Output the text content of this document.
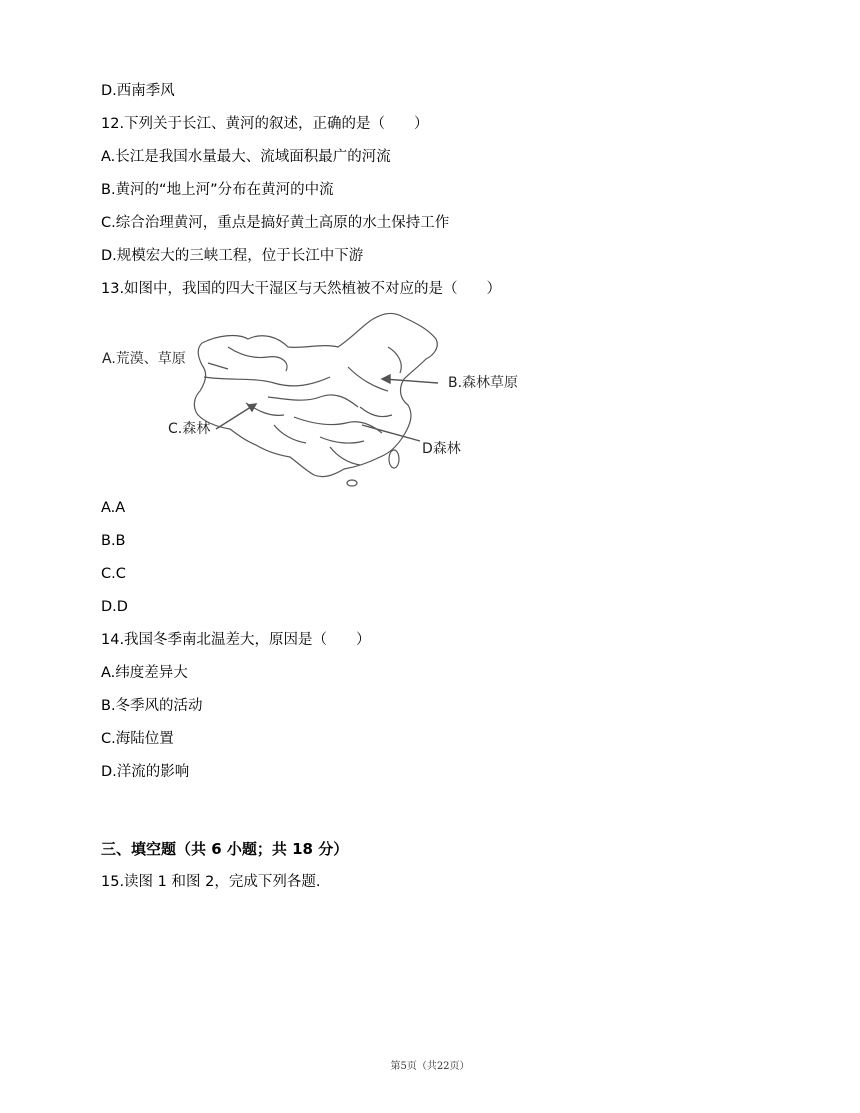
D.西南季风
12.下列关于长江、黄河的叙述，正确的是（　　）
A.长江是我国水量最大、流域面积最广的河流
B.黄河的“地上河”分布在黄河的中流
C.综合治理黄河，重点是搞好黄土高原的水土保持工作
D.规模宏大的三峡工程，位于长江中下游
13.如图中，我国的四大干湿区与天然植被不对应的是（　　）
A.荒漠、草原
B.森林草原
C.森林
D森林
A.A
B.B
C.C
D.D
14.我国冬季南北温差大，原因是（　　）
A.纬度差异大
B.冬季风的活动
C.海陆位置
D.洋流的影响
三、填空题（共 6 小题；共 18 分）
15.读图 1 和图 2，完成下列各题.
第5页（共22页）
